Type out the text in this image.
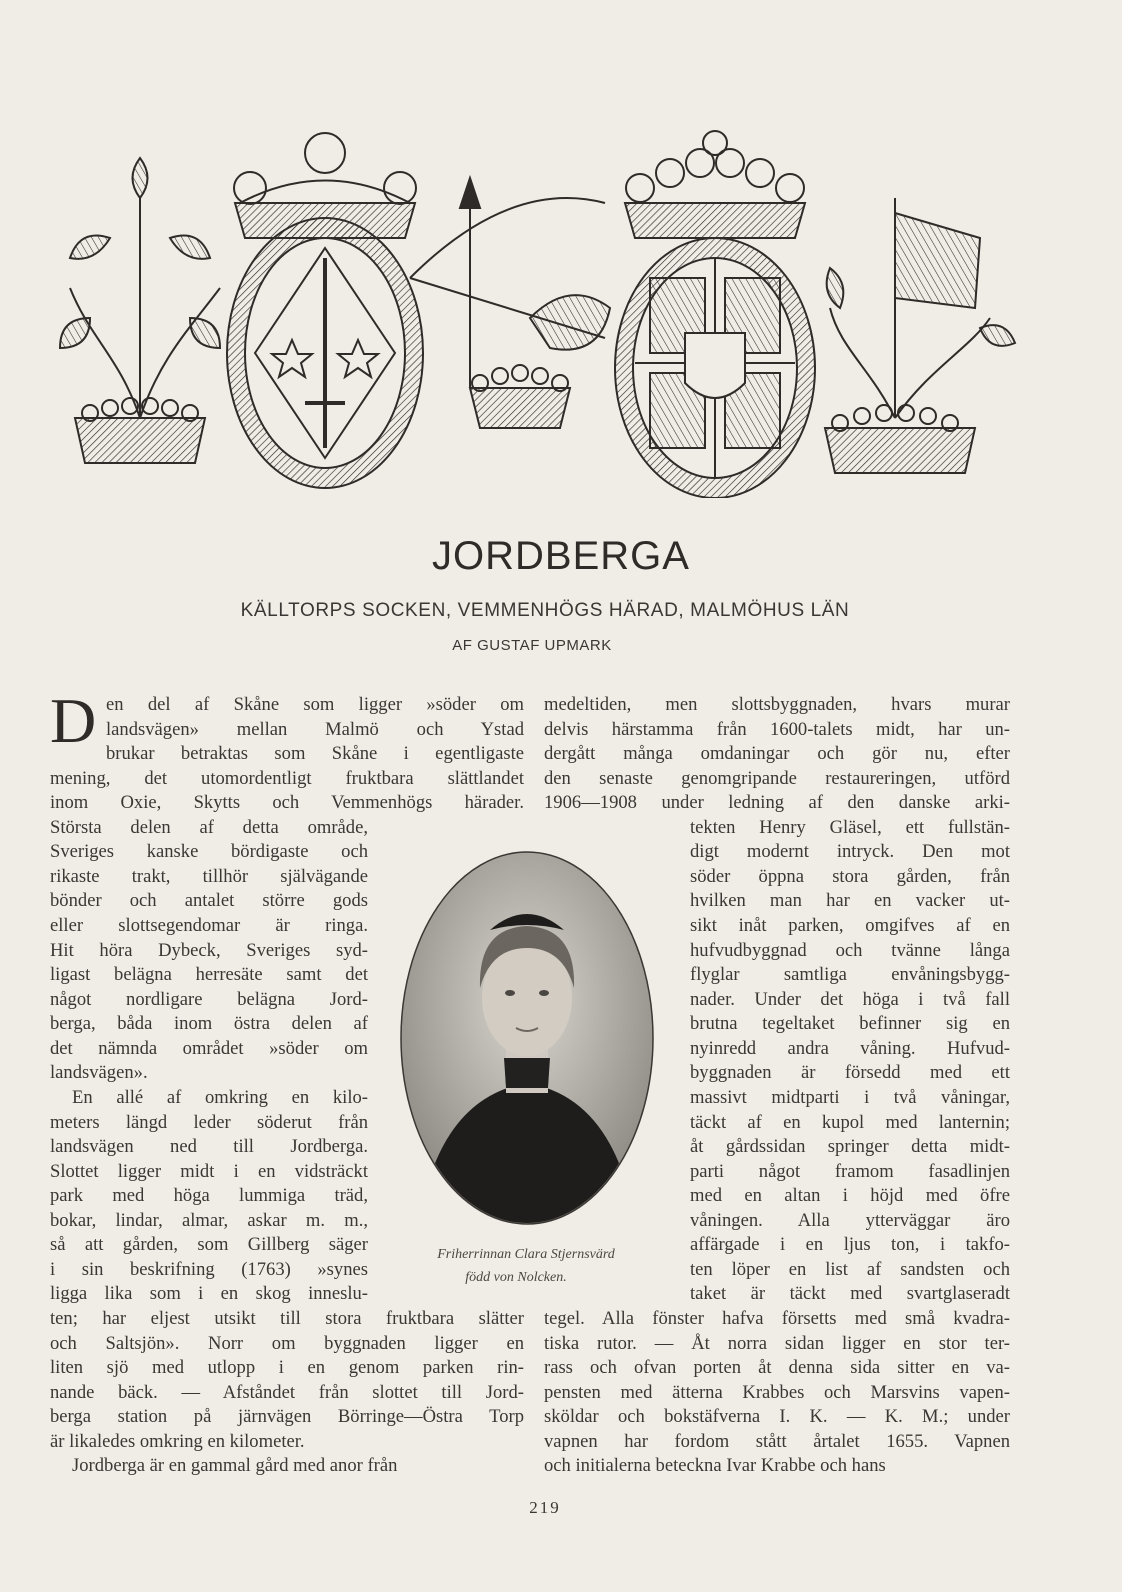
JORDBERGA
KÄLLTORPS SOCKEN, VEMMENHÖGS HÄRAD, MALMÖHUS LÄN
AF GUSTAF UPMARK
D en del af Skåne som ligger »söder om
landsvägen» mellan Malmö och Ystad
brukar betraktas som Skåne i egentligaste
mening, det utomordentligt fruktbara slättlandet
inom Oxie, Skytts och Vemmenhögs härader.
Största delen af detta område,
Sveriges kanske bördigaste och
rikaste trakt, tillhör självägande
bönder och antalet större gods
eller slottsegendomar är ringa.
Hit höra Dybeck, Sveriges syd-
ligast belägna herresäte samt det
något nordligare belägna Jord-
berga, båda inom östra delen af
det nämnda området »söder om
landsvägen».
En allé af omkring en kilo-
meters längd leder söderut från
landsvägen ned till Jordberga.
Slottet ligger midt i en vidsträckt
park med höga lummiga träd,
bokar, lindar, almar, askar m. m.,
så att gården, som Gillberg säger
i sin beskrifning (1763) »synes
ligga lika som i en skog inneslu-
ten; har eljest utsikt till stora fruktbara slätter
och Saltsjön». Norr om byggnaden ligger en
liten sjö med utlopp i en genom parken rin-
nande bäck. — Afståndet från slottet till Jord-
berga station på järnvägen Börringe—Östra Torp
är likaledes omkring en kilometer.
Jordberga är en gammal gård med anor från
medeltiden, men slottsbyggnaden, hvars murar
delvis härstamma från 1600-talets midt, har un-
dergått många omdaningar och gör nu, efter
den senaste genomgripande restaureringen, utförd
1906—1908 under ledning af den danske arki-
tekten Henry Gläsel, ett fullstän-
digt modernt intryck. Den mot
söder öppna stora gården, från
hvilken man har en vacker ut-
sikt inåt parken, omgifves af en
hufvudbyggnad och tvänne långa
flyglar samtliga envåningsbygg-
nader. Under det höga i två fall
brutna tegeltaket befinner sig en
nyinredd andra våning. Hufvud-
byggnaden är försedd med ett
massivt midtparti i två våningar,
täckt af en kupol med lanternin;
åt gårdssidan springer detta midt-
parti något framom fasadlinjen
med en altan i höjd med öfre
våningen. Alla ytterväggar äro
affärgade i en ljus ton, i takfo-
ten löper en list af sandsten och
taket är täckt med svartglaseradt
tegel. Alla fönster hafva försetts med små kvadra-
tiska rutor. — Åt norra sidan ligger en stor ter-
rass och ofvan porten åt denna sida sitter en va-
pensten med ätterna Krabbes och Marsvins vapen-
sköldar och bokstäfverna I. K. — K. M.; under
vapnen har fordom stått årtalet 1655. Vapnen
och initialerna beteckna Ivar Krabbe och hans
Friherrinnan Clara Stjernsvärd
född von Nolcken.
219
